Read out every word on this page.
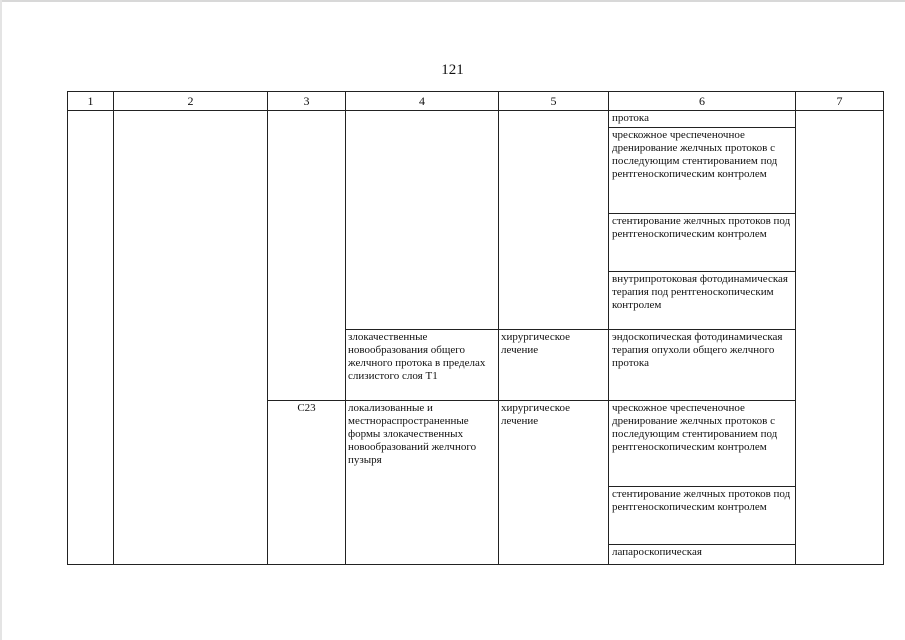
121
1	2	3	4	5	6	7
					протока	
					чрескожное чреспеченочное дренирование желчных протоков с последующим стентированием под рентгеноскопическим контролем	
					стентирование желчных протоков под рентгеноскопическим контролем	
					внутрипротоковая фотодинамическая терапия под рентгеноскопическим контролем	
			злокачественные новообразования общего желчного протока в пределах слизистого слоя Т1	хирургическое лечение	эндоскопическая фотодинамическая терапия опухоли общего желчного протока	
		С23	локализованные и местнораспространенные формы злокачественных новообразований желчного пузыря	хирургическое лечение	чрескожное чреспеченочное дренирование желчных протоков с последующим стентированием под рентгеноскопическим контролем	
					стентирование желчных протоков под рентгеноскопическим контролем	
					лапароскопическая	
